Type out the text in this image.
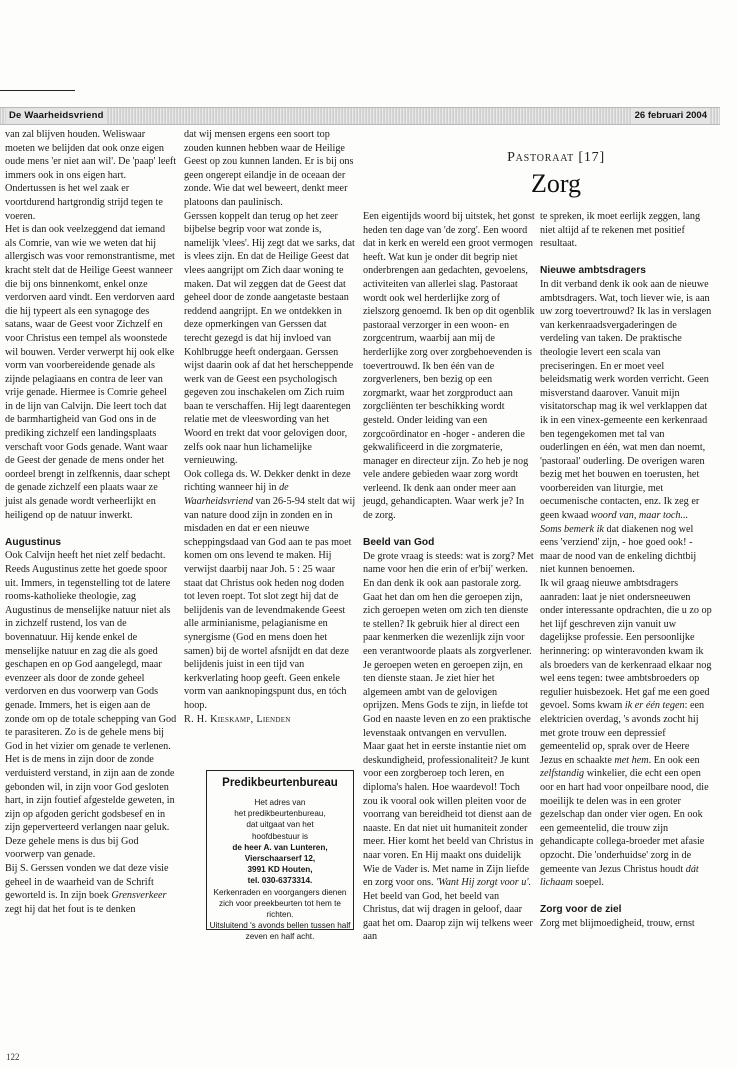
De Waarheidsvriend	26 februari 2004

van zal blijven houden. Weliswaar moeten we belijden dat ook onze eigen oude mens 'er niet aan wil'. De 'paap' leeft immers ook in ons eigen hart. Ondertussen is het wel zaak er voortdurend hartgrondig strijd tegen te voeren.

Het is dan ook veelzeggend dat iemand als Comrie, van wie we weten dat hij allergisch was voor remonstrantisme, met kracht stelt dat de Heilige Geest wanneer die bij ons binnenkomt, enkel onze verdorven aard vindt. Een verdorven aard die hij typeert als een synagoge des satans, waar de Geest voor Zichzelf en voor Christus een tempel als woonstede wil bouwen. Verder verwerpt hij ook elke vorm van voorbereidende genade als zijnde pelagiaans en contra de leer van vrije genade. Hiermee is Comrie geheel in de lijn van Calvijn. Die leert toch dat de barmhartigheid van God ons in de prediking zichzelf een landingsplaats verschaft voor Gods genade. Want waar de Geest der genade de mens onder het oordeel brengt in zelfkennis, daar schept de genade zichzelf een plaats waar ze juist als genade wordt verheerlijkt en heiligend op de natuur inwerkt.

Augustinus

Ook Calvijn heeft het niet zelf bedacht. Reeds Augustinus zette het goede spoor uit. Immers, in tegenstelling tot de latere rooms-katholieke theologie, zag Augustinus de menselijke natuur niet als in zichzelf rustend, los van de bovennatuur. Hij kende enkel de menselijke natuur en zag die als goed geschapen en op God aangelegd, maar evenzeer als door de zonde geheel verdorven en dus voorwerp van Gods genade. Immers, het is eigen aan de zonde om op de totale schepping van God te parasiteren. Zo is de gehele mens bij God in het vizier om genade te verlenen. Het is de mens in zijn door de zonde verduisterd verstand, in zijn aan de zonde gebonden wil, in zijn voor God gesloten hart, in zijn foutief afgestelde geweten, in zijn op afgoden gericht godsbesef en in zijn geperverteerd verlangen naar geluk. Deze gehele mens is dus bij God voorwerp van genade.

Bij S. Gerssen vonden we dat deze visie geheel in de waarheid van de Schrift geworteld is. In zijn boek Grensverkeer zegt hij dat het fout is te denken

dat wij mensen ergens een soort top zouden kunnen hebben waar de Heilige Geest op zou kunnen landen. Er is bij ons geen ongerept eilandje in de oceaan der zonde. Wie dat wel beweert, denkt meer platoons dan paulinisch.

Gerssen koppelt dan terug op het zeer bijbelse begrip voor wat zonde is, namelijk 'vlees'. Hij zegt dat we sarks, dat is vlees zijn. En dat de Heilige Geest dat vlees aangrijpt om Zich daar woning te maken. Dat wil zeggen dat de Geest dat geheel door de zonde aangetaste bestaan reddend aangrijpt. En we ontdekken in deze opmerkingen van Gerssen dat terecht gezegd is dat hij invloed van Kohlbrugge heeft ondergaan. Gerssen wijst daarin ook af dat het herscheppende werk van de Geest een psychologisch gegeven zou inschakelen om Zich ruim baan te verschaffen. Hij legt daarentegen relatie met de vleeswording van het Woord en trekt dat voor gelovigen door, zelfs ook naar hun lichamelijke vernieuwing.

Ook collega ds. W. Dekker denkt in deze richting wanneer hij in de Waarheidsvriend van 26-5-94 stelt dat wij van nature dood zijn in zonden en in misdaden en dat er een nieuwe scheppingsdaad van God aan te pas moet komen om ons levend te maken. Hij verwijst daarbij naar Joh. 5 : 25 waar staat dat Christus ook heden nog doden tot leven roept. Tot slot zegt hij dat de belijdenis van de levendmakende Geest alle arminianisme, pelagianisme en synergisme (God en mens doen het samen) bij de wortel afsnijdt en dat deze belijdenis juist in een tijd van kerkverlating hoop geeft. Geen enkele vorm van aanknopingspunt dus, en tóch hoop.

R. H. Kieskamp, Lienden

Predikbeurtenbureau

Het adres van

het predikbeurtenbureau,

dat uitgaat van het

hoofdbestuur is

de heer A. van Lunteren,

Vierschaarserf 12,

3991 KD Houten,

tel. 030-6373314.

Kerkenraden en voorgangers dienen zich voor preekbeurten tot hem te richten.

Uitsluitend 's avonds bellen tussen half zeven en half acht.

Pastoraat [17]
Zorg

Een eigentijds woord bij uitstek, het gonst heden ten dage van 'de zorg'. Een woord dat in kerk en wereld een groot vermogen heeft. Wat kun je onder dit begrip niet onderbrengen aan gedachten, gevoelens, activiteiten van allerlei slag. Pastoraat wordt ook wel herderlijke zorg of zielszorg genoemd. Ik ben op dit ogenblik pastoraal verzorger in een woon- en zorgcentrum, waarbij aan mij de herderlijke zorg over zorgbehoevenden is toevertrouwd. Ik ben één van de zorgverleners, ben bezig op een zorgmarkt, waar het zorgproduct aan zorgcliënten ter beschikking wordt gesteld. Onder leiding van een zorgcoördinator en -hoger - anderen die gekwalificeerd in die zorgmaterie, manager en directeur zijn. Zo heb je nog vele andere gebieden waar zorg wordt verleend. Ik denk aan onder meer aan jeugd, gehandicapten. Waar werk je? In de zorg.

Beeld van God

De grote vraag is steeds: wat is zorg? Met name voor hen die erin of er'bij' werken. En dan denk ik ook aan pastorale zorg. Gaat het dan om hen die geroepen zijn, zich geroepen weten om zich ten dienste te stellen? Ik gebruik hier al direct een paar kenmerken die wezenlijk zijn voor een verantwoorde plaats als zorgverlener. Je geroepen weten en geroepen zijn, en ten dienste staan. Je ziet hier het algemeen ambt van de gelovigen oprijzen. Mens Gods te zijn, in liefde tot God en naaste leven en zo een praktische levenstaak ontvangen en vervullen.

Maar gaat het in eerste instantie niet om deskundigheid, professionaliteit? Je kunt voor een zorgberoep toch leren, en diploma's halen. Hoe waardevol! Toch zou ik vooral ook willen pleiten voor de voorrang van bereidheid tot dienst aan de naaste. En dat niet uit humaniteit zonder meer. Hier komt het beeld van Christus in naar voren. En Hij maakt ons duidelijk Wie de Vader is. Met name in Zijn liefde en zorg voor ons. 'Want Hij zorgt voor u'. Het beeld van God, het beeld van Christus, dat wij dragen in geloof, daar gaat het om. Daarop zijn wij telkens weer aan

te spreken, ik moet eerlijk zeggen, lang niet altijd af te rekenen met positief resultaat.

Nieuwe ambtsdragers

In dit verband denk ik ook aan de nieuwe ambtsdragers. Wat, toch liever wie, is aan uw zorg toevertrouwd? Ik las in verslagen van kerkenraadsvergaderingen de verdeling van taken. De praktische theologie levert een scala van preciseringen. En er moet veel beleidsmatig werk worden verricht. Geen misverstand daarover. Vanuit mijn visitatorschap mag ik wel verklappen dat ik in een vinex-gemeente een kerkenraad ben tegengekomen met tal van ouderlingen en één, wat men dan noemt, 'pastoraal' ouderling. De overigen waren bezig met het bouwen en toerusten, het voorbereiden van liturgie, met oecumenische contacten, enz. Ik zeg er geen kwaad woord van, maar toch... Soms bemerk ik dat diakenen nog wel eens 'verziend' zijn, - hoe goed ook! - maar de nood van de enkeling dichtbij niet kunnen benoemen.

Ik wil graag nieuwe ambtsdragers aanraden: laat je niet ondersneeuwen onder interessante opdrachten, die u zo op het lijf geschreven zijn vanuit uw dagelijkse professie. Een persoonlijke herinnering: op winteravonden kwam ik als broeders van de kerkenraad elkaar nog wel eens tegen: twee ambtsbroeders op regulier huisbezoek. Het gaf me een goed gevoel. Soms kwam ik er één tegen: een elektricien overdag, 's avonds zocht hij met grote trouw een depressief gemeentelid op, sprak over de Heere Jezus en schaakte met hem. En ook een zelfstandig winkelier, die echt een open oor en hart had voor onpeilbare nood, die moeilijk te delen was in een groter gezelschap dan onder vier ogen. En ook een gemeentelid, die trouw zijn gehandicapte collega-broeder met afasie opzocht. Die 'onderhuidse' zorg in de gemeente van Jezus Christus houdt dát lichaam soepel.

Zorg voor de ziel

Zorg met blijmoedigheid, trouw, ernst

122
